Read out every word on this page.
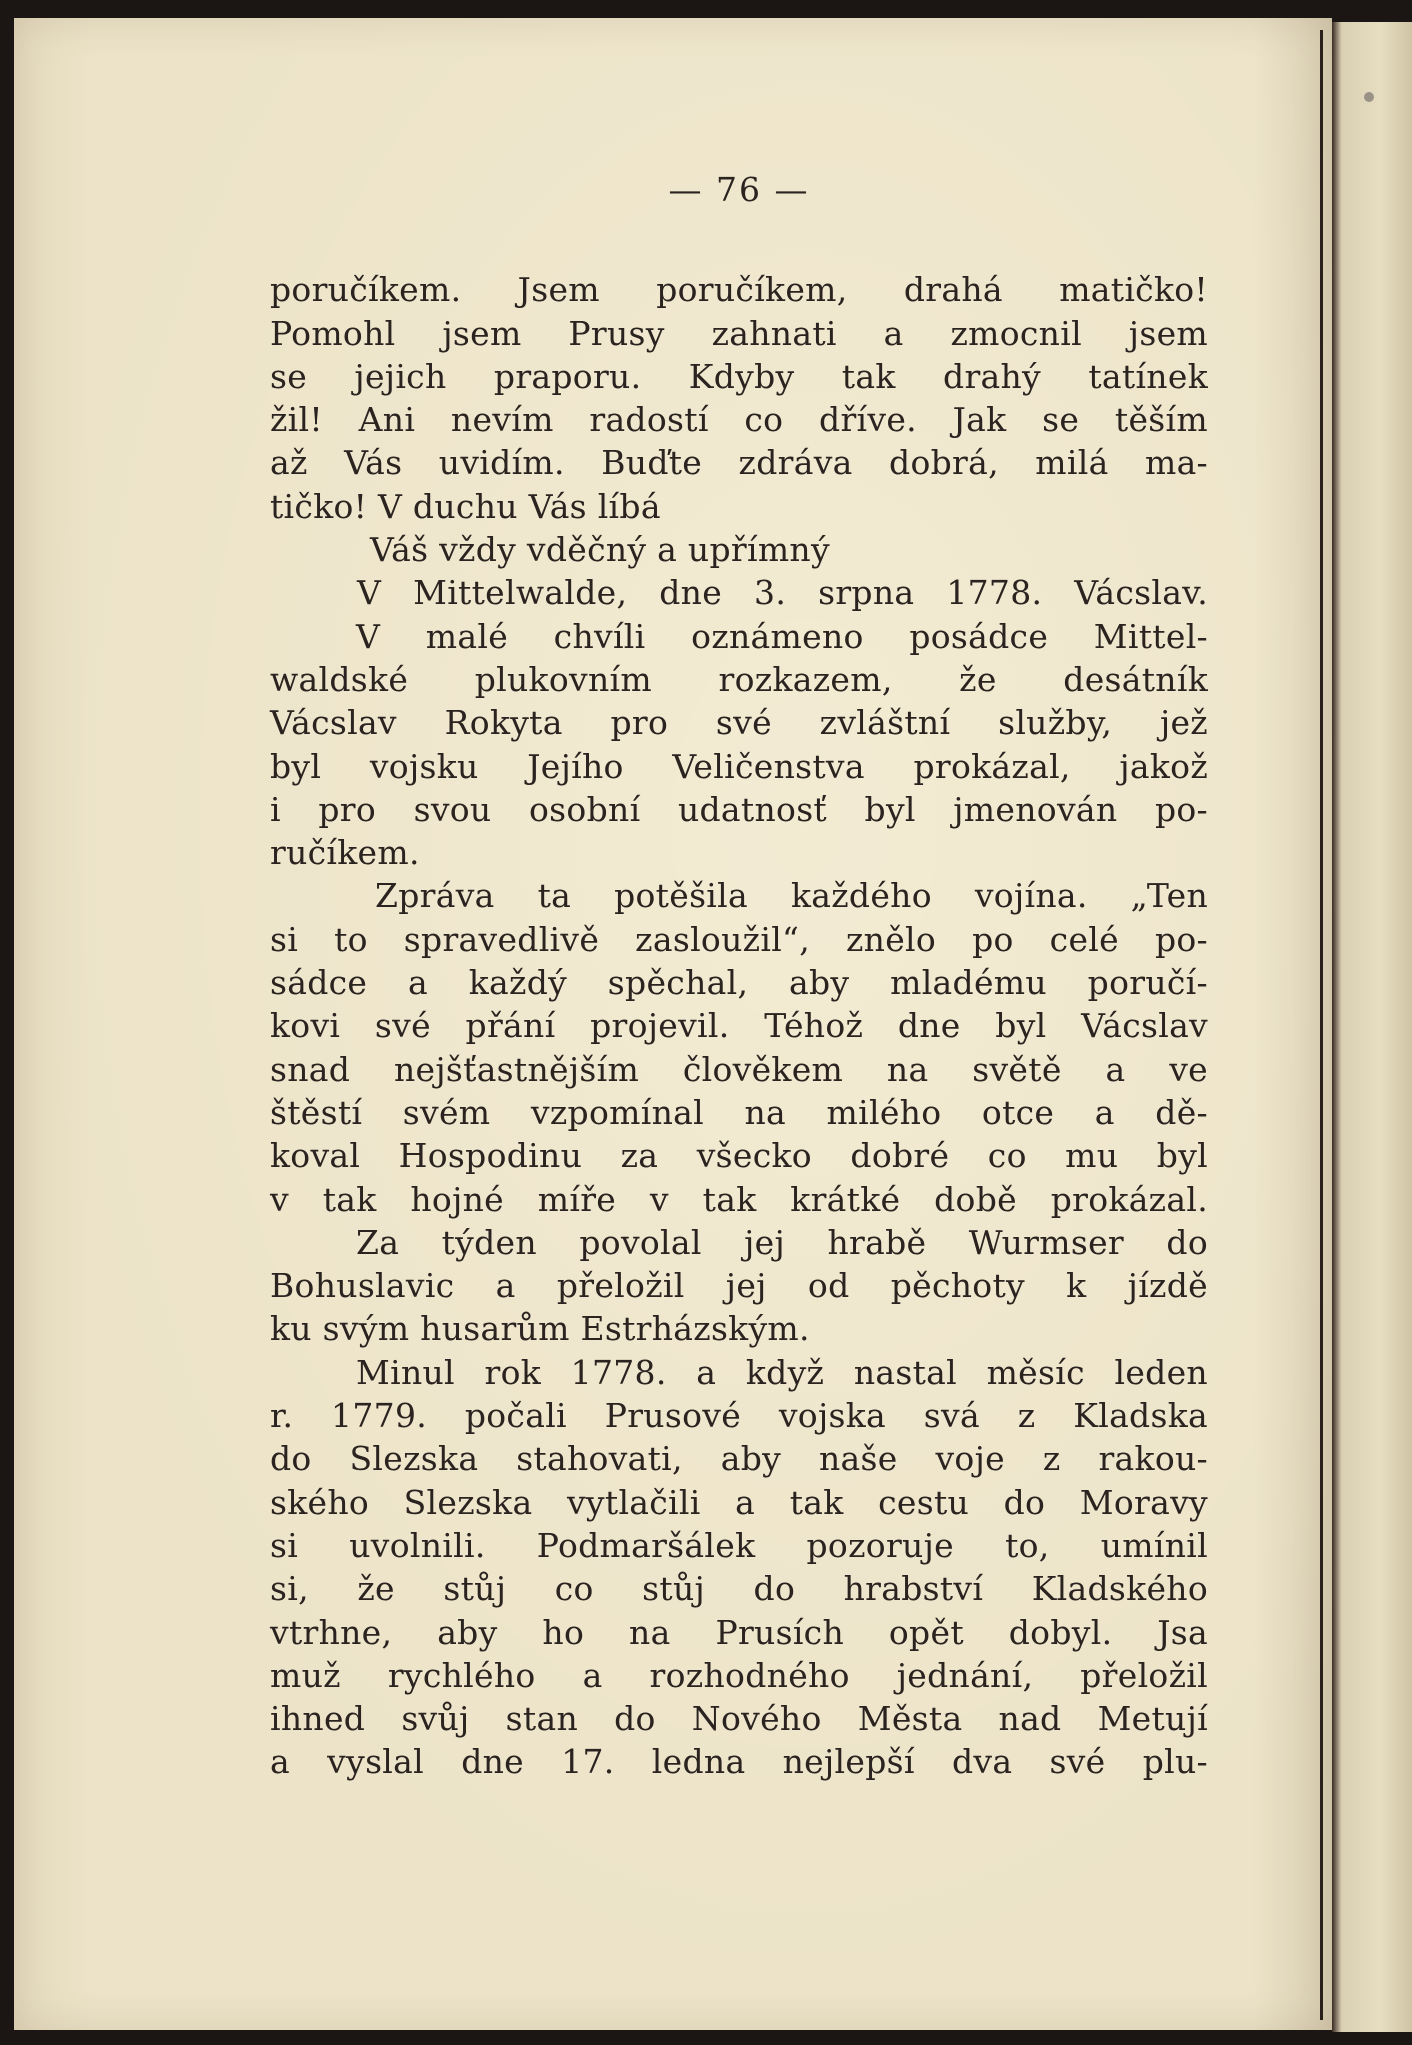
— 76 —
poručíkem. Jsem poručíkem, drahá matičko!
Pomohl jsem Prusy zahnati a zmocnil jsem
se jejich praporu. Kdyby tak drahý tatínek
žil! Ani nevím radostí co dříve. Jak se těším
až Vás uvidím. Buďte zdráva dobrá, milá ma-
tičko! V duchu Vás líbá
Váš vždy vděčný a upřímný
V Mittelwalde, dne 3. srpna 1778. Vácslav.
V malé chvíli oznámeno posádce Mittel-
waldské plukovním rozkazem, že desátník
Vácslav Rokyta pro své zvláštní služby, jež
byl vojsku Jejího Veličenstva prokázal, jakož
i pro svou osobní udatnosť byl jmenován po-
ručíkem.
Zpráva ta potěšila každého vojína. „Ten
si to spravedlivě zasloužil“, znělo po celé po-
sádce a každý spěchal, aby mladému poručí-
kovi své přání projevil. Téhož dne byl Vácslav
snad nejšťastnějším člověkem na světě a ve
štěstí svém vzpomínal na milého otce a dě-
koval Hospodinu za všecko dobré co mu byl
v tak hojné míře v tak krátké době prokázal.
Za týden povolal jej hrabě Wurmser do
Bohuslavic a přeložil jej od pěchoty k jízdě
ku svým husarům Estrházským.
Minul rok 1778. a když nastal měsíc leden
r. 1779. počali Prusové vojska svá z Kladska
do Slezska stahovati, aby naše voje z rakou-
ského Slezska vytlačili a tak cestu do Moravy
si uvolnili. Podmaršálek pozoruje to, umínil
si, že stůj co stůj do hrabství Kladského
vtrhne, aby ho na Prusích opět dobyl. Jsa
muž rychlého a rozhodného jednání, přeložil
ihned svůj stan do Nového Města nad Metují
a vyslal dne 17. ledna nejlepší dva své plu-
